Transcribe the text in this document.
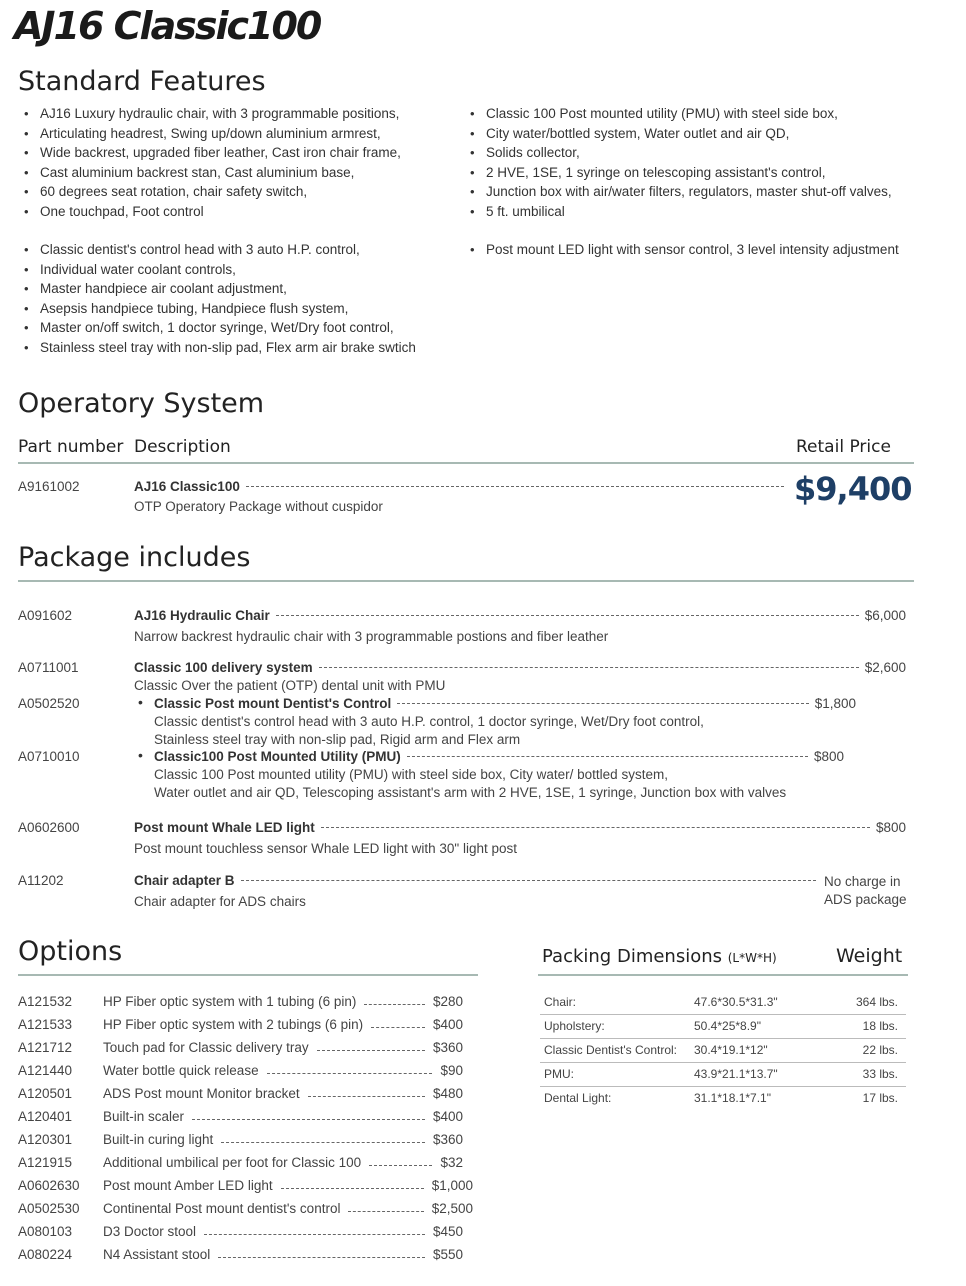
AJ16 Classic100
Standard Features
• AJ16 Luxury hydraulic chair, with 3 programmable positions,
• Articulating headrest, Swing up/down aluminium armrest,
• Wide backrest, upgraded fiber leather, Cast iron chair frame,
• Cast aluminium backrest stan, Cast aluminium base,
• 60 degrees seat rotation, chair safety switch,
• One touchpad, Foot control
• Classic dentist's control head with 3 auto H.P. control,
• Individual water coolant controls,
• Master handpiece air coolant adjustment,
• Asepsis handpiece tubing, Handpiece flush system,
• Master on/off switch, 1 doctor syringe, Wet/Dry foot control,
• Stainless steel tray with non-slip pad, Flex arm air brake swtich
• Classic 100 Post mounted utility (PMU) with steel side box,
• City water/bottled system, Water outlet and air QD,
• Solids collector,
• 2 HVE, 1SE, 1 syringe on telescoping assistant's control,
• Junction box with air/water filters, regulators, master shut-off valves,
• 5 ft. umbilical
• Post mount LED light with sensor control, 3 level intensity adjustment
Operatory System
Part number Description	Retail Price
A9161002	AJ16 Classic100
OTP Operatory Package without cuspidor	$9,400
Package includes
A091602	AJ16 Hydraulic Chair	$6,000
Narrow backrest hydraulic chair with 3 programmable postions and fiber leather
A0711001	Classic 100 delivery system	$2,600
Classic Over the patient (OTP) dental unit with PMU
A0502520	• Classic Post mount Dentist's Control	$1,800
Classic dentist's control head with 3 auto H.P. control, 1 doctor syringe, Wet/Dry foot control,
Stainless steel tray with non-slip pad, Rigid arm and Flex arm
A0710010	• Classic100 Post Mounted Utility (PMU)	$800
Classic 100 Post mounted utility (PMU) with steel side box, City water/ bottled system,
Water outlet and air QD, Telescoping assistant's arm with 2 HVE, 1SE, 1 syringe, Junction box with valves
A0602600	Post mount Whale LED light	$800
Post mount touchless sensor Whale LED light with 30" light post
A11202	Chair adapter B	No charge in
ADS package
Chair adapter for ADS chairs
Options
A121532 HP Fiber optic system with 1 tubing (6 pin)	$280
A121533 HP Fiber optic system with 2 tubings (6 pin)	$400
A121712 Touch pad for Classic delivery tray	$360
A121440 Water bottle quick release	$90
A120501 ADS Post mount Monitor bracket	$480
A120401 Built-in scaler	$400
A120301 Built-in curing light	$360
A121915 Additional umbilical per foot for Classic 100	$32
A0602630 Post mount Amber LED light	$1,000
A0502530 Continental Post mount dentist's control	$2,500
A080103 D3 Doctor stool	$450
A080224 N4 Assistant stool	$550
Packing Dimensions (L*W*H)	Weight
Chair:	47.6*30.5*31.3"	364 lbs.
Upholstery:	50.4*25*8.9"	18 lbs.
Classic Dentist's Control:	30.4*19.1*12"	22 lbs.
PMU:	43.9*21.1*13.7"	33 lbs.
Dental Light:	31.1*18.1*7.1"	17 lbs.
